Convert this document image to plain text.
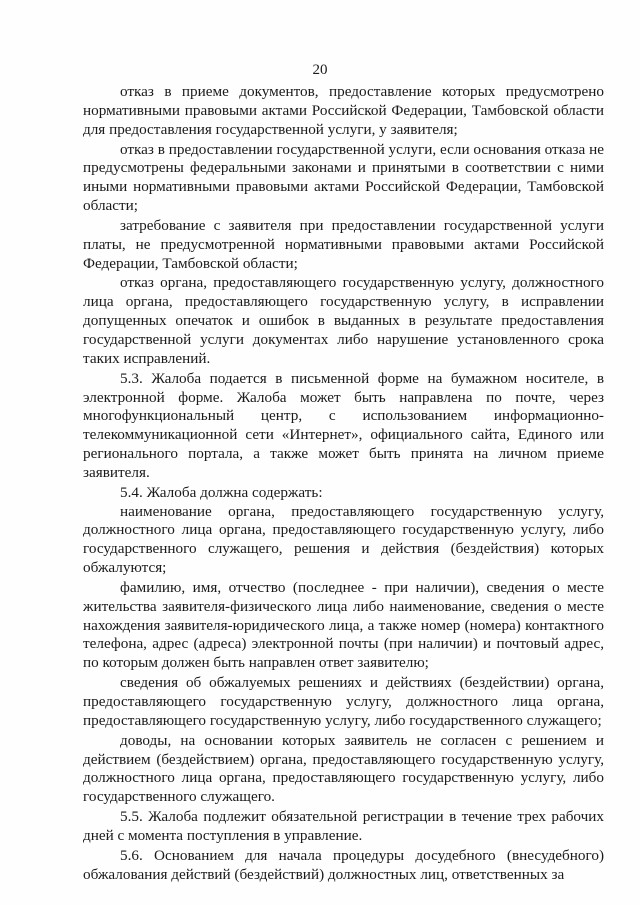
20

отказ в приеме документов, предоставление которых предусмотрено нормативными правовыми актами Российской Федерации, Тамбовской области для предоставления государственной услуги, у заявителя;

отказ в предоставлении государственной услуги, если основания отказа не предусмотрены федеральными законами и принятыми в соответствии с ними иными нормативными правовыми актами Российской Федерации, Тамбовской области;

затребование с заявителя при предоставлении государственной услуги платы, не предусмотренной нормативными правовыми актами Российской Федерации, Тамбовской области;

отказ органа, предоставляющего государственную услугу, должностного лица органа, предоставляющего государственную услугу, в исправлении допущенных опечаток и ошибок в выданных в результате предоставления государственной услуги документах либо нарушение установленного срока таких исправлений.

5.3. Жалоба подается в письменной форме на бумажном носителе, в электронной форме. Жалоба может быть направлена по почте, через многофункциональный центр, с использованием информационно-телекоммуникационной сети «Интернет», официального сайта, Единого или регионального портала, а также может быть принята на личном приеме заявителя.

5.4. Жалоба должна содержать:

наименование органа, предоставляющего государственную услугу, должностного лица органа, предоставляющего государственную услугу, либо государственного служащего, решения и действия (бездействия) которых обжалуются;

фамилию, имя, отчество (последнее - при наличии), сведения о месте жительства заявителя-физического лица либо наименование, сведения о месте нахождения заявителя-юридического лица, а также номер (номера) контактного телефона, адрес (адреса) электронной почты (при наличии) и почтовый адрес, по которым должен быть направлен ответ заявителю;

сведения об обжалуемых решениях и действиях (бездействии) органа, предоставляющего государственную услугу, должностного лица органа, предоставляющего государственную услугу, либо государственного служащего;

доводы, на основании которых заявитель не согласен с решением и действием (бездействием) органа, предоставляющего государственную услугу, должностного лица органа, предоставляющего государственную услугу, либо государственного служащего.

5.5. Жалоба подлежит обязательной регистрации в течение трех рабочих дней с момента поступления в управление.

5.6. Основанием для начала процедуры досудебного (внесудебного) обжалования действий (бездействий) должностных лиц, ответственных за
